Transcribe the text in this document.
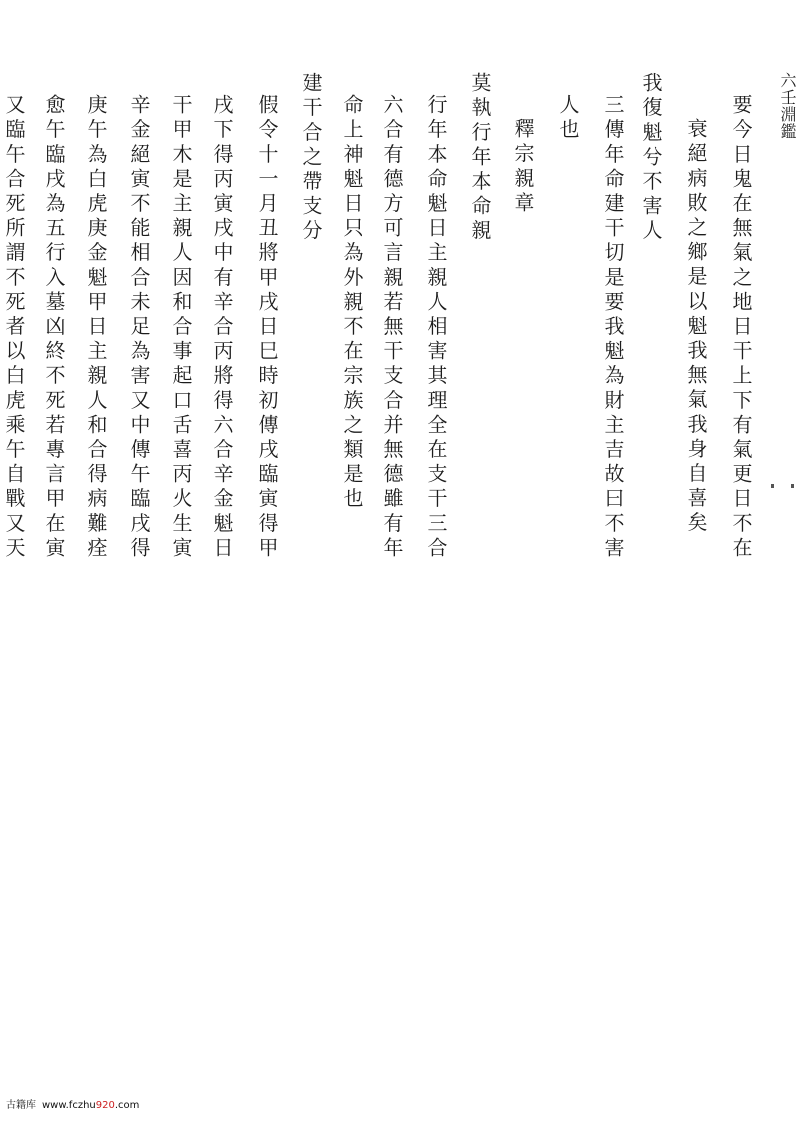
六壬淵鑑
要今日鬼在無氣之地日干上下有氣更日不在
衰絕病敗之鄉是以魁我無氣我身自喜矣
我復魁兮不害人
三傳年命建干切是要我魁為財主吉故曰不害
人也
釋宗親章
莫執行年本命親
行年本命魁日主親人相害其理全在支干三合
六合有德方可言親若無干支合并無德雖有年
命上神魁日只為外親不在宗族之類是也
建干合之帶支分
假令十一月丑將甲戌日巳時初傳戌臨寅得甲
戌下得丙寅戌中有辛合丙將得六合辛金魁日
干甲木是主親人因和合事起口舌喜丙火生寅
辛金絕寅不能相合未足為害又中傳午臨戌得
庚午為白虎庚金魁甲日主親人和合得病難痊
愈午臨戌為五行入墓凶終不死若專言甲在寅
又臨午合死所謂不死者以白虎乘午自戰又天
古籍库 www.fczhu920.com
